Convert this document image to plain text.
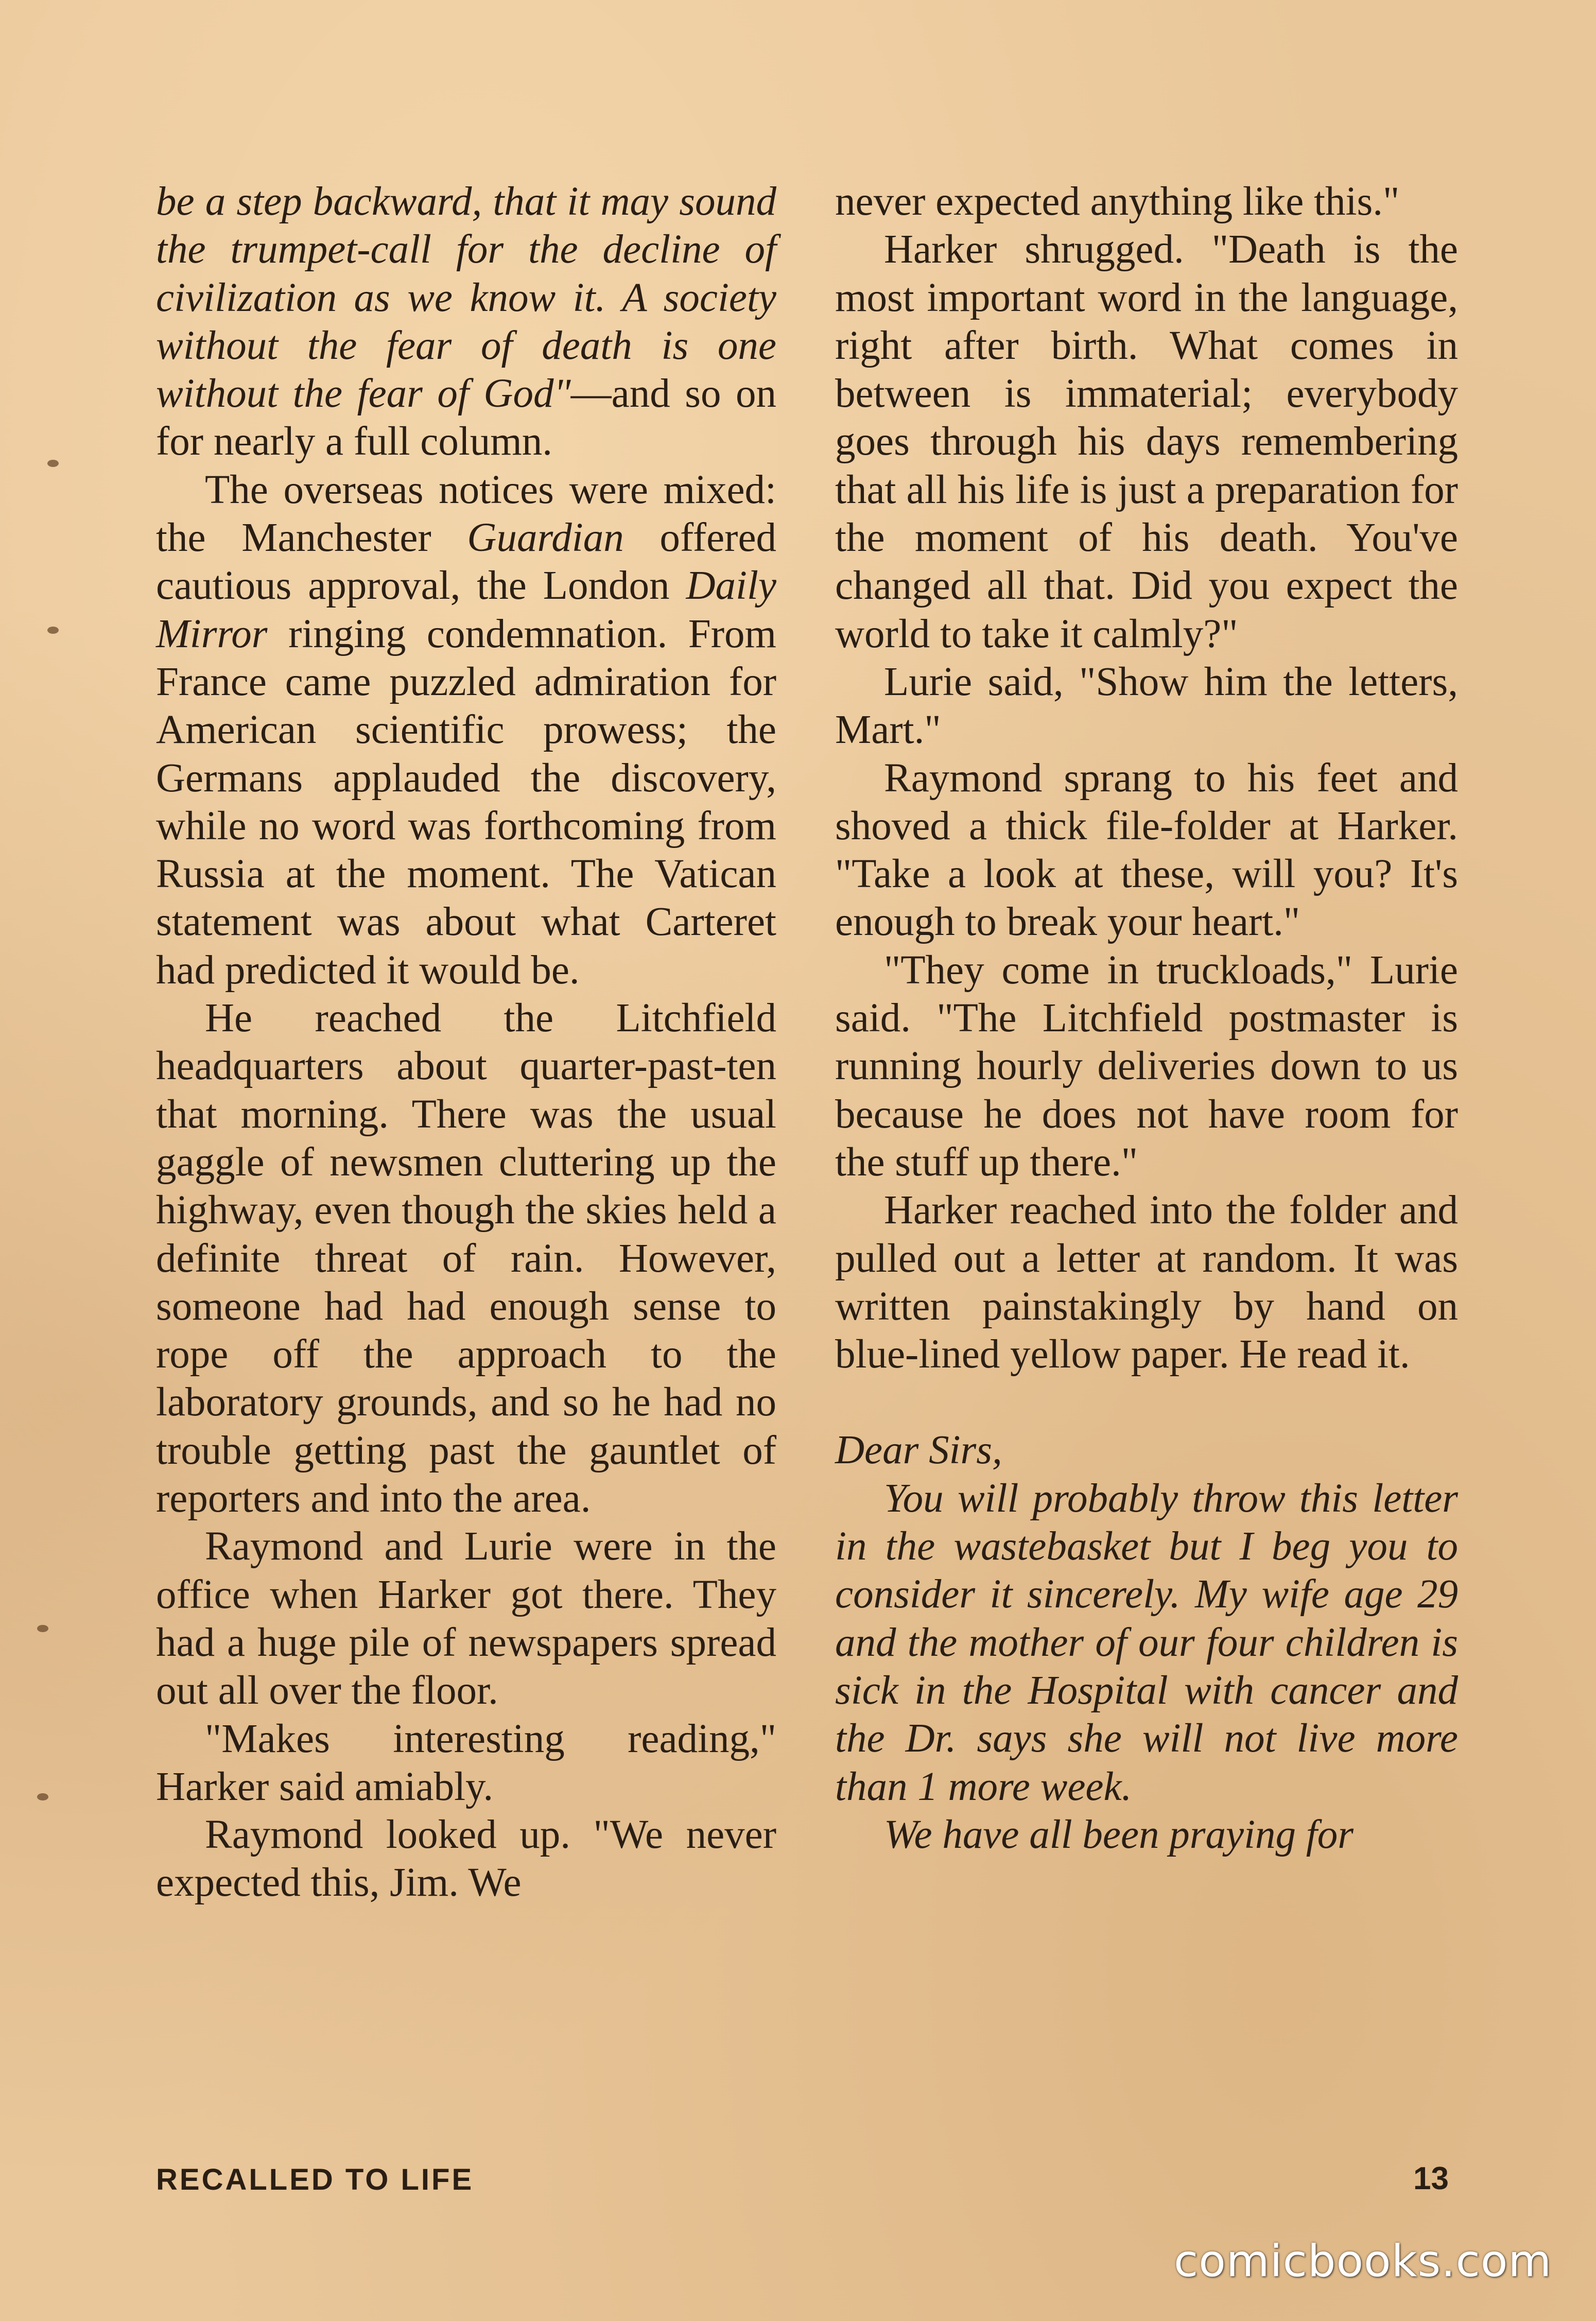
be a step backward, that it may sound the trumpet-call for the decline of civilization as we know it. A society without the fear of death is one without the fear of God"—and so on for nearly a full column.

The overseas notices were mixed: the Manchester Guardian offered cautious approval, the London Daily Mirror ringing condemnation. From France came puzzled admiration for American scientific prowess; the Germans applauded the discovery, while no word was forthcoming from Russia at the moment. The Vatican statement was about what Carteret had predicted it would be.

He reached the Litchfield headquarters about quarter-past-ten that morning. There was the usual gaggle of newsmen cluttering up the highway, even though the skies held a definite threat of rain. However, someone had had enough sense to rope off the approach to the laboratory grounds, and so he had no trouble getting past the gauntlet of reporters and into the area.

Raymond and Lurie were in the office when Harker got there. They had a huge pile of newspapers spread out all over the floor.

"Makes interesting reading," Harker said amiably.

Raymond looked up. "We never expected this, Jim. We

never expected anything like this."

Harker shrugged. "Death is the most important word in the language, right after birth. What comes in between is immaterial; everybody goes through his days remembering that all his life is just a preparation for the moment of his death. You've changed all that. Did you expect the world to take it calmly?"

Lurie said, "Show him the letters, Mart."

Raymond sprang to his feet and shoved a thick file-folder at Harker. "Take a look at these, will you? It's enough to break your heart."

"They come in truckloads," Lurie said. "The Litchfield postmaster is running hourly deliveries down to us because he does not have room for the stuff up there."

Harker reached into the folder and pulled out a letter at random. It was written painstakingly by hand on blue-lined yellow paper. He read it.

Dear Sirs,

You will probably throw this letter in the wastebasket but I beg you to consider it sincerely. My wife age 29 and the mother of our four children is sick in the Hospital with cancer and the Dr. says she will not live more than 1 more week.

We have all been praying for

RECALLED TO LIFE	13
comicbooks.com
